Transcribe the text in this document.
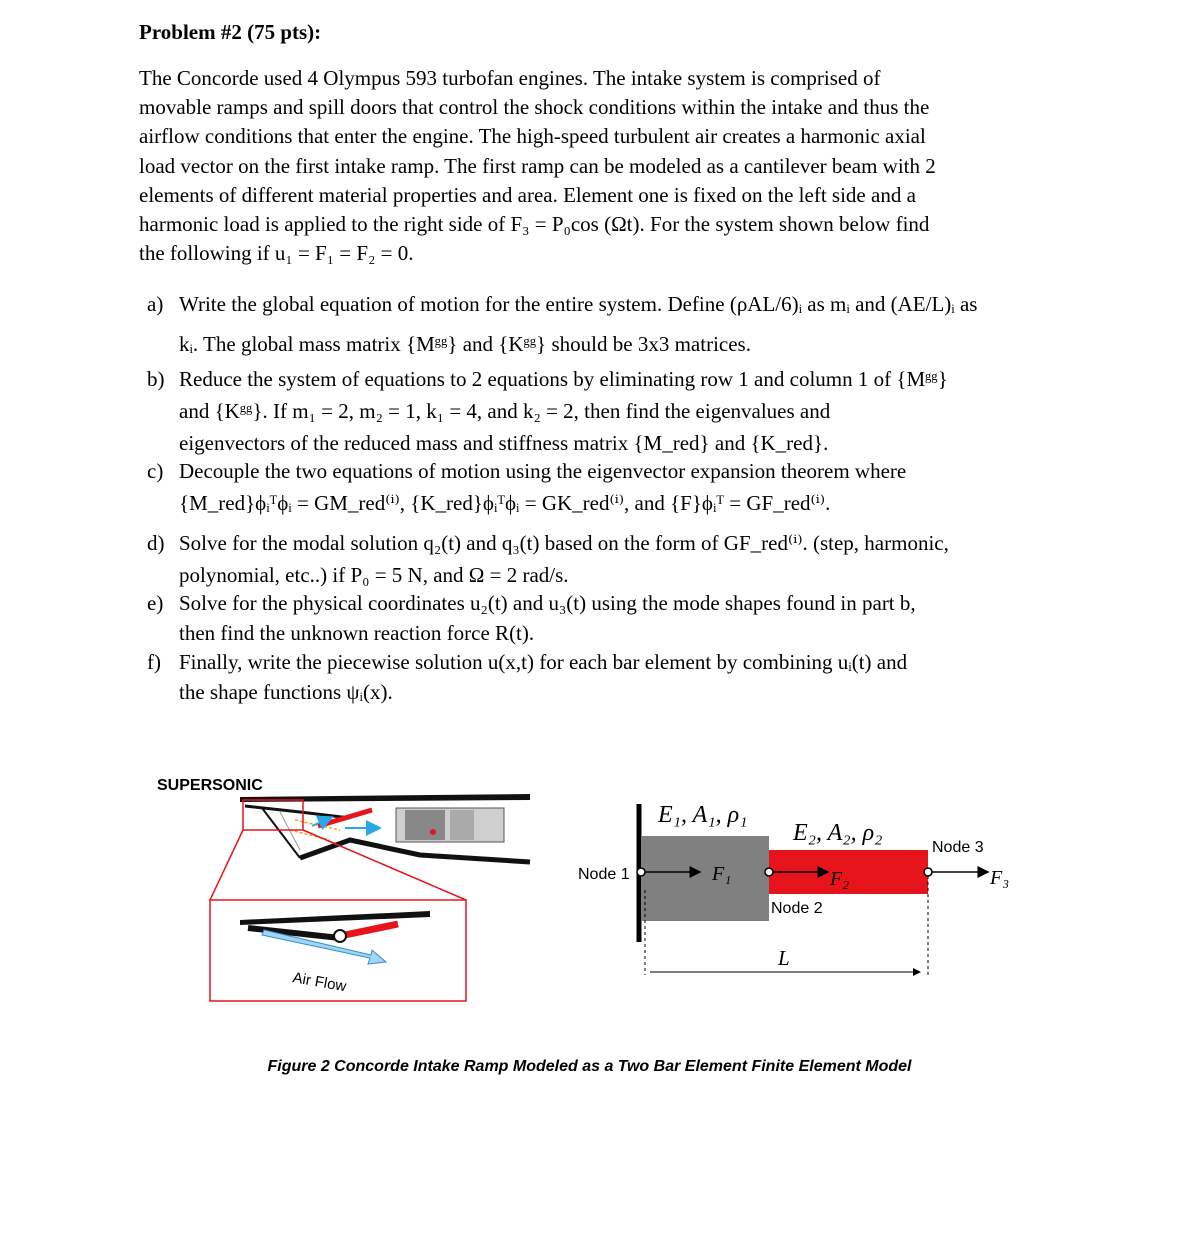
Problem #2 (75 pts):
The Concorde used 4 Olympus 593 turbofan engines. The intake system is comprised of
movable ramps and spill doors that control the shock conditions within the intake and thus the
airflow conditions that enter the engine. The high-speed turbulent air creates a harmonic axial
load vector on the first intake ramp. The first ramp can be modeled as a cantilever beam with 2
elements of different material properties and area. Element one is fixed on the left side and a
harmonic load is applied to the right side of F₃ = P₀cos (Ωt). For the system shown below find
the following if u₁ = F₁ = F₂ = 0.
a) Write the global equation of motion for the entire system. Define (ρAL/6)ᵢ as mᵢ and (AE/L)ᵢ as
kᵢ. The global mass matrix {Mᵍᵍ} and {Kᵍᵍ} should be 3x3 matrices.
b) Reduce the system of equations to 2 equations by eliminating row 1 and column 1 of {Mᵍᵍ}
and {Kᵍᵍ}. If m₁ = 2, m₂ = 1, k₁ = 4, and k₂ = 2, then find the eigenvalues and
eigenvectors of the reduced mass and stiffness matrix {M_red} and {K_red}.
c) Decouple the two equations of motion using the eigenvector expansion theorem where
{M_red}ϕᵢᵀϕᵢ = GM_red⁽ⁱ⁾, {K_red}ϕᵢᵀϕᵢ = GK_red⁽ⁱ⁾, and {F}ϕᵢᵀ = GF_red⁽ⁱ⁾.
d) Solve for the modal solution q₂(t) and q₃(t) based on the form of GF_red⁽ⁱ⁾. (step, harmonic,
polynomial, etc..) if P₀ = 5 N, and Ω = 2 rad/s.
e) Solve for the physical coordinates u₂(t) and u₃(t) using the mode shapes found in part b,
then find the unknown reaction force R(t).
f) Finally, write the piecewise solution u(x,t) for each bar element by combining uᵢ(t) and
the shape functions ψᵢ(x).
SUPERSONIC
Air Flow
E₁, A₁, ρ₁
E₂, A₂, ρ₂
Node 1
Node 2
Node 3
F₁	F₂	F₃
L
Figure 2 Concorde Intake Ramp Modeled as a Two Bar Element Finite Element Model
